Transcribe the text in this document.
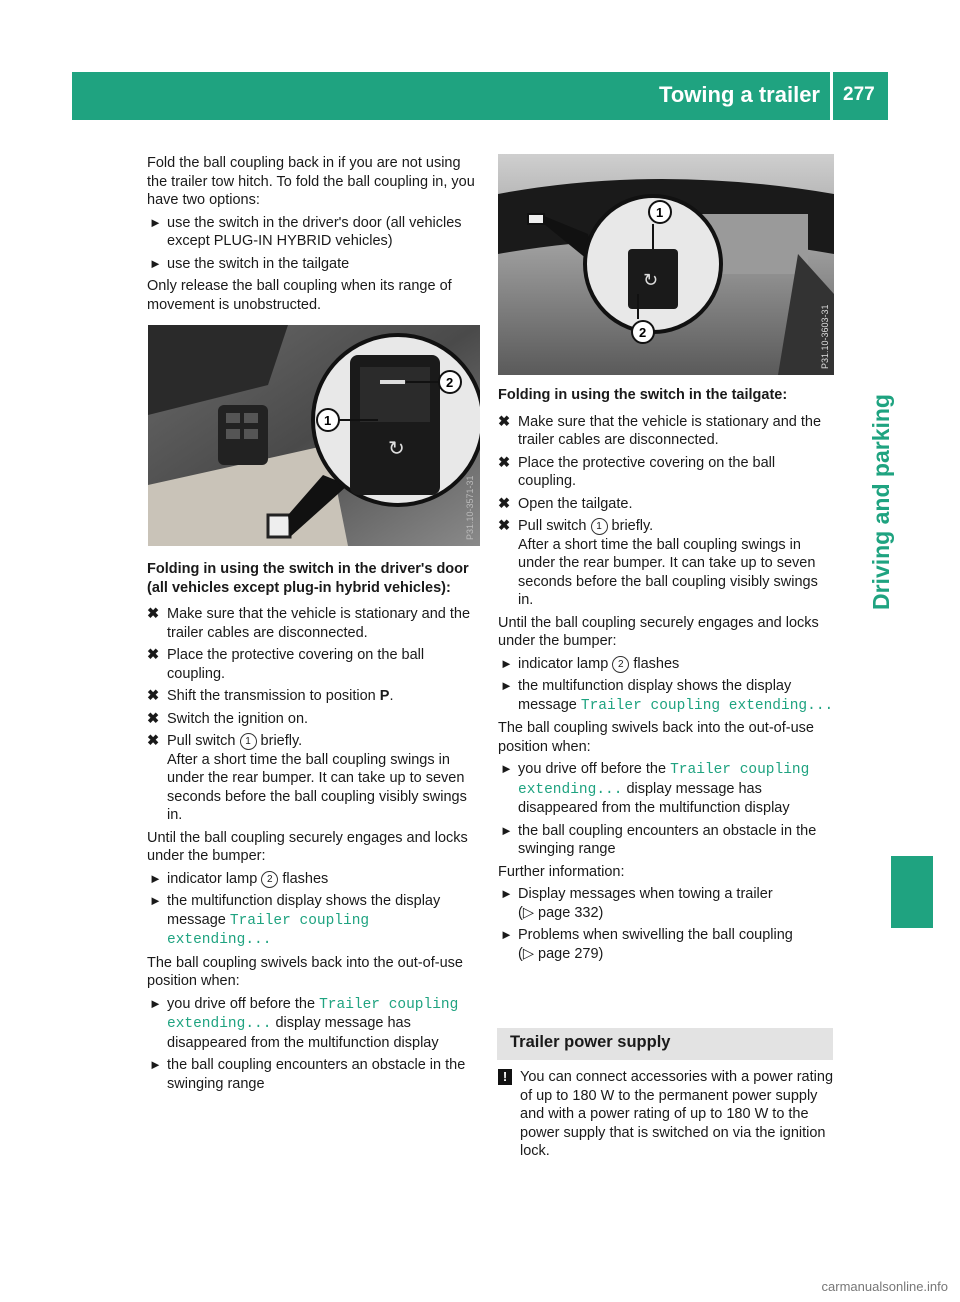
Towing a trailer 277
Driving and parking

Fold the ball coupling back in if you are not using the trailer tow hitch. To fold the ball coupling in, you have two options:

► use the switch in the driver's door (all vehicles except PLUG-IN HYBRID vehicles)
► use the switch in the tailgate

Only release the ball coupling when its range of movement is unobstructed.

↻
1
2
P31.10-3571-31

Folding in using the switch in the driver's door (all vehicles except plug-in hybrid vehicles):

✖ Make sure that the vehicle is stationary and the trailer cables are disconnected.
✖ Place the protective covering on the ball coupling.
✖ Shift the transmission to position P.
✖ Switch the ignition on.
✖ Pull switch 1 briefly.
After a short time the ball coupling swings in under the rear bumper. It can take up to seven seconds before the ball coupling visibly swings in.

Until the ball coupling securely engages and locks under the bumper:

► indicator lamp 2 flashes
► the multifunction display shows the display message Trailer coupling extending...

The ball coupling swivels back into the out-of-use position when:

► you drive off before the Trailer coupling extending... display message has disappeared from the multifunction display
► the ball coupling encounters an obstacle in the swinging range
↻
1
2	P31.10-3603-31

Folding in using the switch in the tailgate:

✖ Make sure that the vehicle is stationary and the trailer cables are disconnected.
✖ Place the protective covering on the ball coupling.
✖ Open the tailgate.
✖ Pull switch 1 briefly.
After a short time the ball coupling swings in under the rear bumper. It can take up to seven seconds before the ball coupling visibly swings in.

Until the ball coupling securely engages and locks under the bumper:

► indicator lamp 2 flashes
► the multifunction display shows the display message Trailer coupling extending...

The ball coupling swivels back into the out-of-use position when:

► you drive off before the Trailer coupling extending... display message has disappeared from the multifunction display
► the ball coupling encounters an obstacle in the swinging range

Further information:

► Display messages when towing a trailer
(▷ page 332)
► Problems when swivelling the ball coupling
(▷ page 279)
Trailer power supply
! You can connect accessories with a power rating of up to 180 W to the permanent power supply and with a power rating of up to 180 W to the power supply that is switched on via the ignition lock.
carmanualsonline.info
